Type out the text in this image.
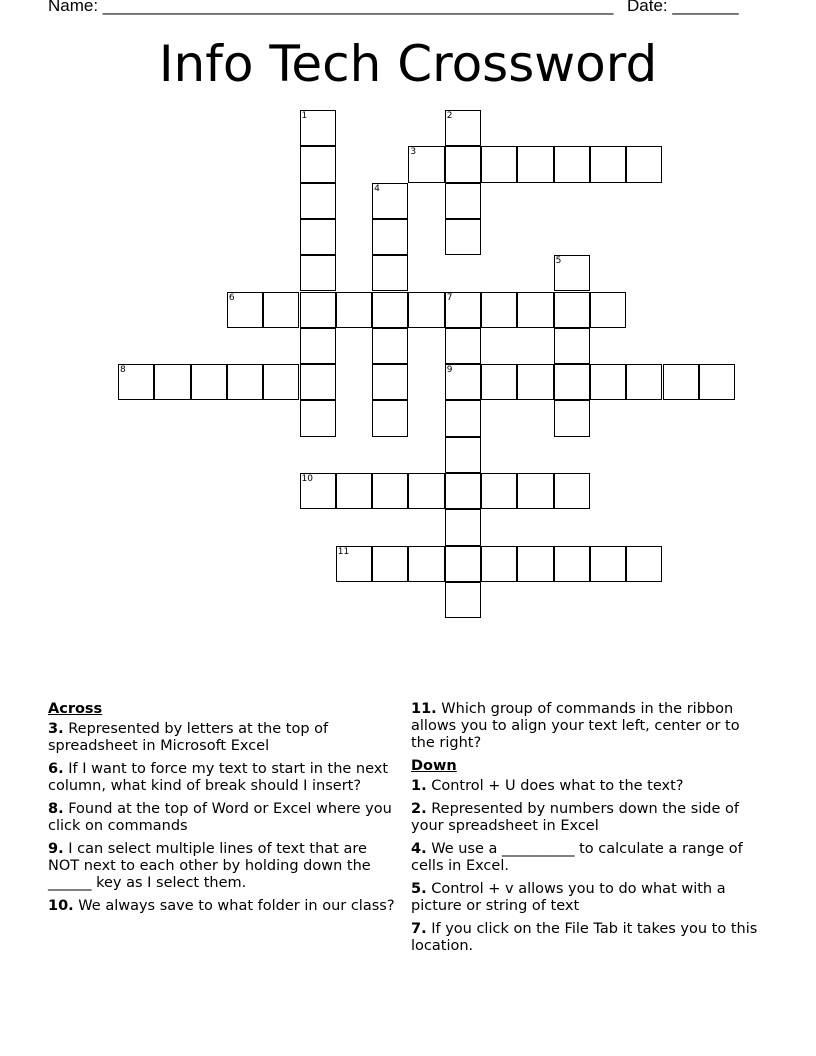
Name: ______________________________________________________ Date: _______
Info Tech Crossword
3
6	7
8	9
10
11
1	2
4
5
Across
3. Represented by letters at the top of spreadsheet in Microsoft Excel
6. If I want to force my text to start in the next column, what kind of break should I insert?
8. Found at the top of Word or Excel where you click on commands
9. I can select multiple lines of text that are NOT next to each other by holding down the ______ key as I select them.
10. We always save to what folder in our class?
11. Which group of commands in the ribbon allows you to align your text left, center or to the right?
Down
1. Control + U does what to the text?
2. Represented by numbers down the side of your spreadsheet in Excel
4. We use a __________ to calculate a range of cells in Excel.
5. Control + v allows you to do what with a picture or string of text
7. If you click on the File Tab it takes you to this location.
